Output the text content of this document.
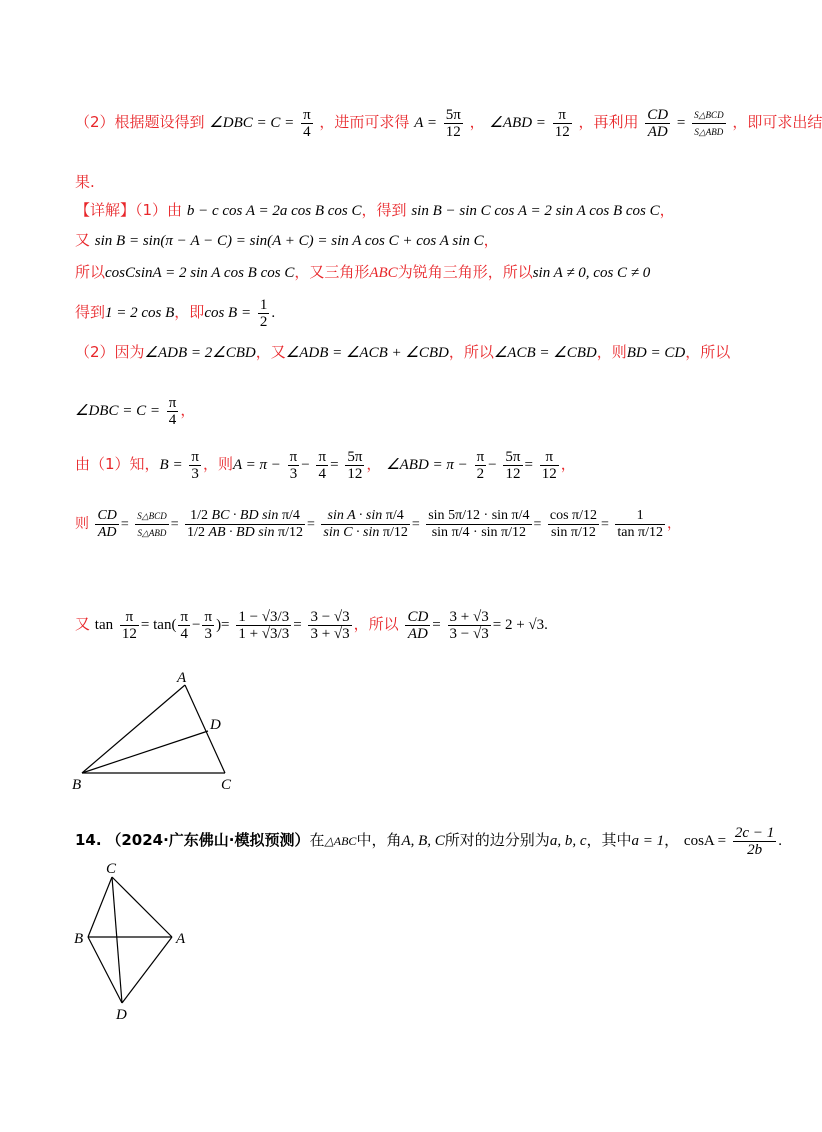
（2）根据题设得到 ∠DBC = $C = \frac{\pi}{4}$ ，进而可求得 $A = \frac{5\pi}{12}$ ， ∠ABD = $\frac{\pi}{12}$ ，再利用 $\frac{CD}{AD} = \frac{\text{S△BCD}}{\text{S△ABD}}$ ，即可求出结
果.
【详解】（1）由 b − c cos A = 2a cos B cos C，得到 sin B − sin C cos A = 2 sin A cos B cos C，
又 sin B = sin(π − A − C) = sin(A + C) = sin A cos C + cos A sin C，
所以cosCsinA = 2 sin A cos B cos C，又三角形ABC为锐角三角形，所以sin A ≠ 0, cos C ≠ 0
得到1 = 2 cos B，即$\cos B = \frac{1}{2}$ .
（2）因为∠ADB = 2∠CBD，又∠ADB = ∠ACB + ∠CBD，所以∠ACB = ∠CBD，则BD = CD，所以
∠DBC = $C = \frac{\pi}{4}$ ，
由（1）知，$B = \frac{\pi}{3}$ ，则$A = \pi - \frac{\pi}{3} - \frac{\pi}{4} = \frac{5\pi}{12}$ ， ∠ABD = $\pi - \frac{\pi}{2} - \frac{5\pi}{12} = \frac{\pi}{12}$ ，
则 $\frac{CD}{AD} = \frac{\text{S△BCD}}{\text{S△ABD}} = \frac{\text{1/2 BC · BD sin π/4}}{\text{1/2 AB · BD sin π/12}} = \frac{\text{sin A · sin π/4}}{\text{sin C · sin π/12}} = \frac{\text{sin 5π/12 · sin π/4}}{\text{sin π/4 · sin π/12}} = \frac{\text{cos π/12}}{\text{sin π/12}} = \frac{1}{\text{tan π/12}}$ ，
又 $\tan \frac{\pi}{12} = \tan( \frac{\pi}{4} - \frac{\pi}{3}$ )= $\frac{1 - √3/3}{1 + √3/3} = \frac{3 - √3}{3 + √3}$ ，所以 $\frac{CD}{AD} = \frac{3 + √3}{3 - √3} = 2 + √3$.
A
D
B	C
14. （2024·广东佛山·模拟预测）在△ABC中，角A, B, C所对的边分别为a, b, c，其中a = 1， $\cos A = \frac{2c - 1}{2b}$ .
C
B	A
D
